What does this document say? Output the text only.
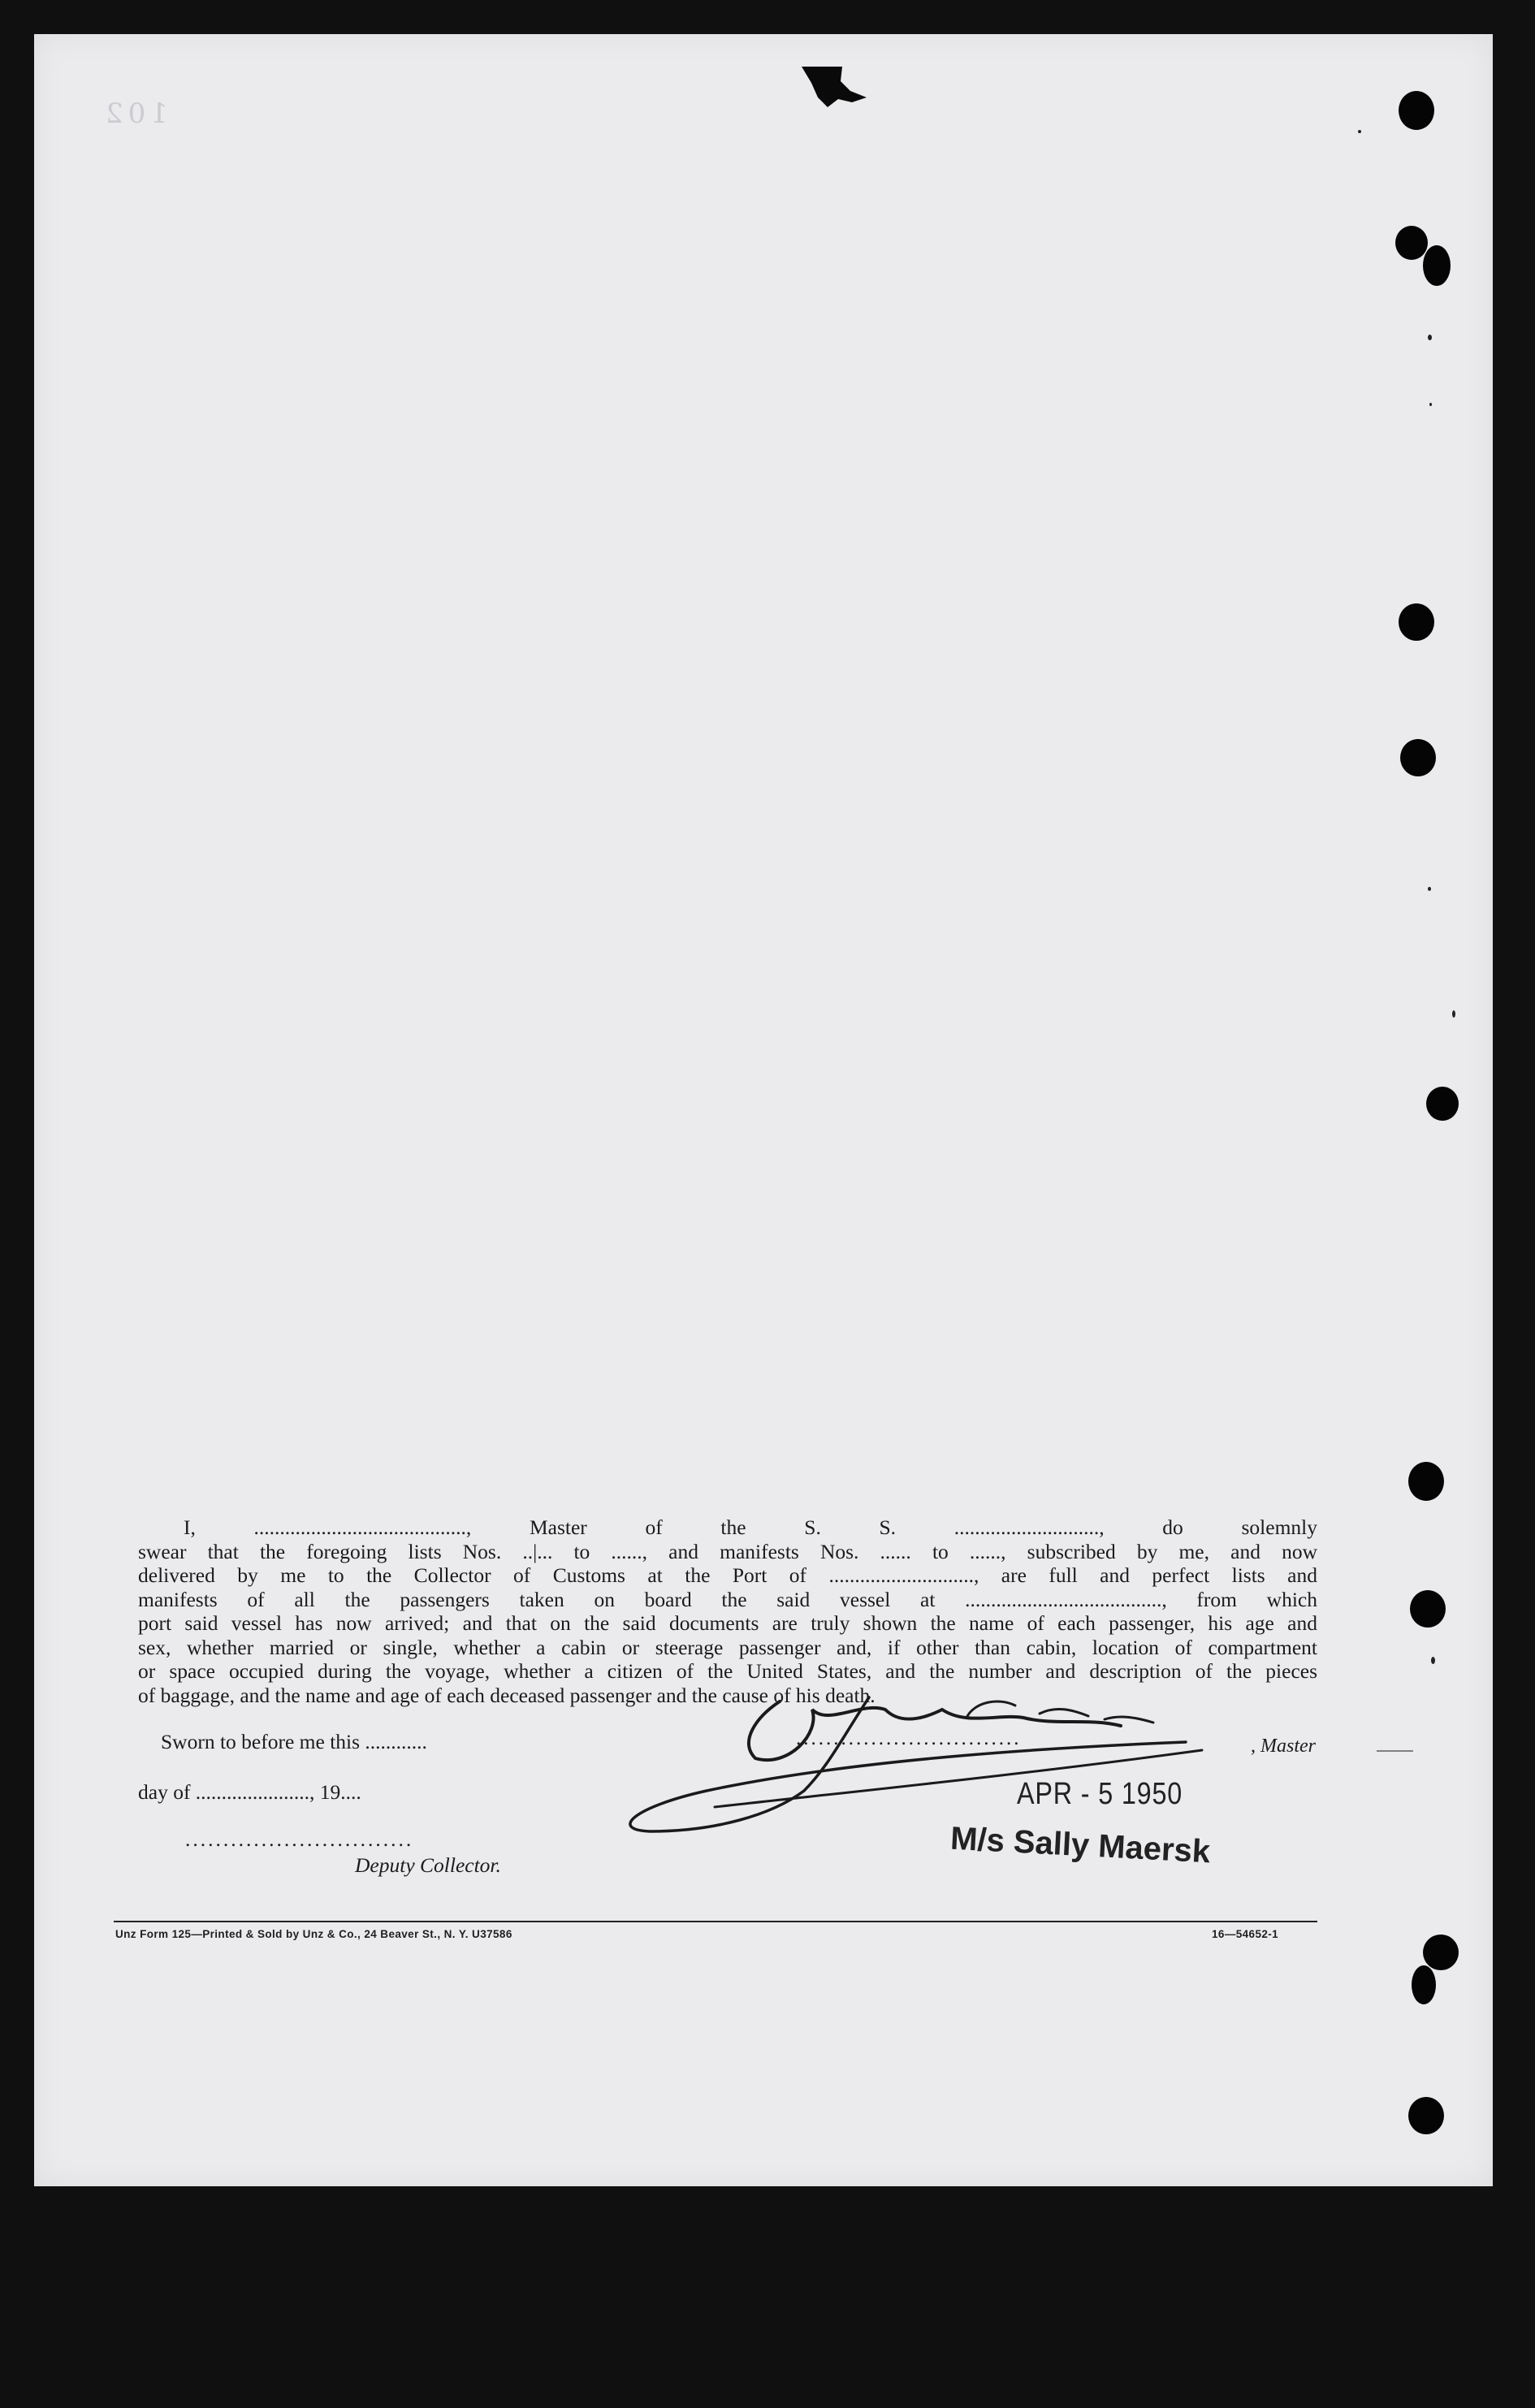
102
I, ........................................., Master of the S. S. ............................, do solemnly
swear that the foregoing lists Nos. ..|... to ......, and manifests Nos. ...... to ......, subscribed by me, and now
delivered by me to the Collector of Customs at the Port of ............................, are full and perfect lists and
manifests of all the passengers taken on board the said vessel at ......................................, from which
port said vessel has now arrived; and that on the said documents are truly shown the name of each passenger, his age and
sex, whether married or single, whether a cabin or steerage passenger and, if other than cabin, location of compartment
or space occupied during the voyage, whether a citizen of the United States, and the number and description of the pieces
of baggage, and the name and age of each deceased passenger and the cause of his death.
Sworn to before me this ............
day of ......................, 19....
..............................
Deputy Collector.
..............................	, Master
APR - 5 1950
M/s Sally Maersk
Unz Form 125—Printed & Sold by Unz & Co., 24 Beaver St., N. Y. U37586	16—54652-1
